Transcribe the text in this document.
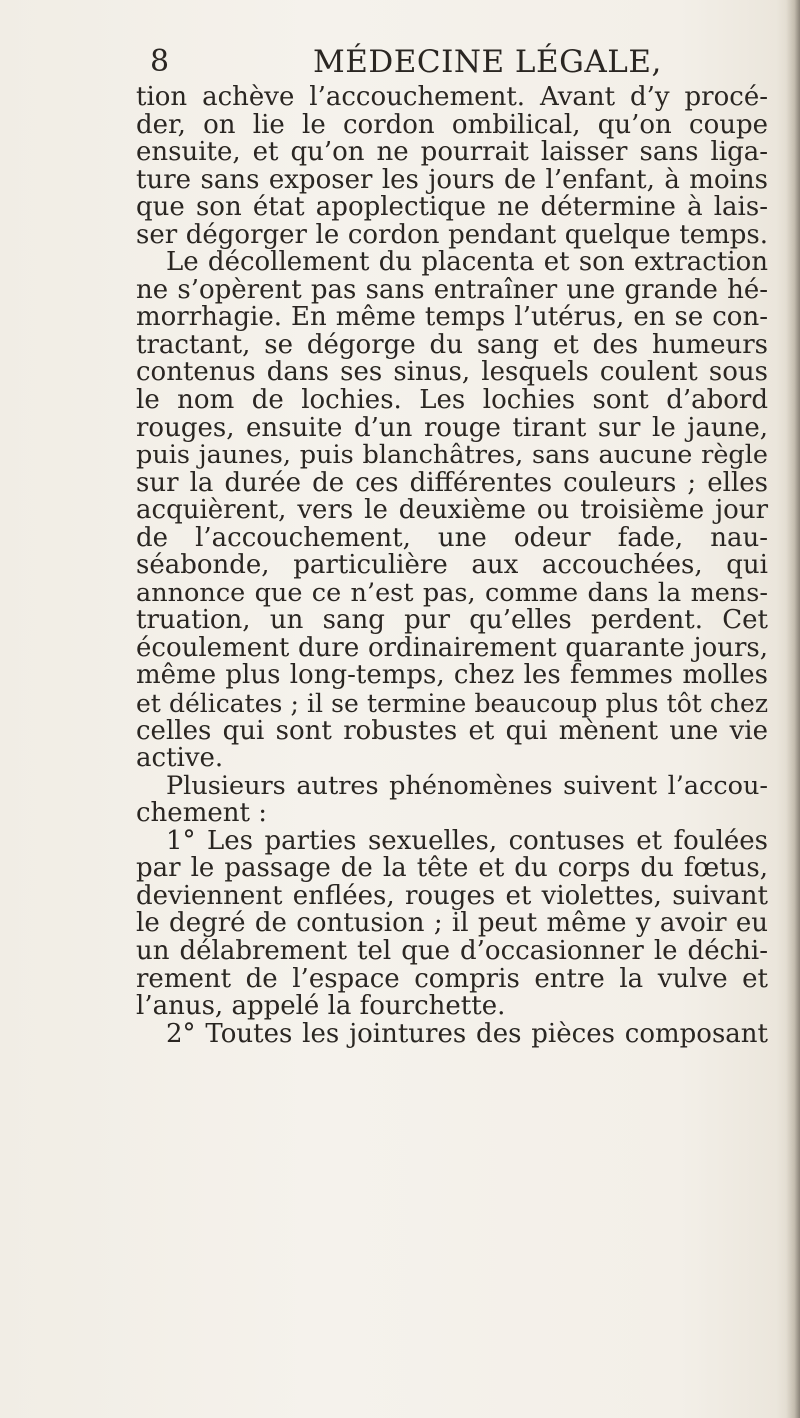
8	MÉDECINE LÉGALE,
tion achève l’accouchement. Avant d’y procé-
der, on lie le cordon ombilical, qu’on coupe
ensuite, et qu’on ne pourrait laisser sans liga-
ture sans exposer les jours de l’enfant, à moins
que son état apoplectique ne détermine à lais-
ser dégorger le cordon pendant quelque temps.
Le décollement du placenta et son extraction
ne s’opèrent pas sans entraîner une grande hé-
morrhagie. En même temps l’utérus, en se con-
tractant, se dégorge du sang et des humeurs
contenus dans ses sinus, lesquels coulent sous
le nom de lochies. Les lochies sont d’abord
rouges, ensuite d’un rouge tirant sur le jaune,
puis jaunes, puis blanchâtres, sans aucune règle
sur la durée de ces différentes couleurs ; elles
acquièrent, vers le deuxième ou troisième jour
de l’accouchement, une odeur fade, nau-
séabonde, particulière aux accouchées, qui
annonce que ce n’est pas, comme dans la mens-
truation, un sang pur qu’elles perdent. Cet
écoulement dure ordinairement quarante jours,
même plus long-temps, chez les femmes molles
et délicates ; il se termine beaucoup plus tôt chez
celles qui sont robustes et qui mènent une vie
active.
Plusieurs autres phénomènes suivent l’accou-
chement :
1° Les parties sexuelles, contuses et foulées
par le passage de la tête et du corps du fœtus,
deviennent enflées, rouges et violettes, suivant
le degré de contusion ; il peut même y avoir eu
un délabrement tel que d’occasionner le déchi-
rement de l’espace compris entre la vulve et
l’anus, appelé la fourchette.
2° Toutes les jointures des pièces composant
